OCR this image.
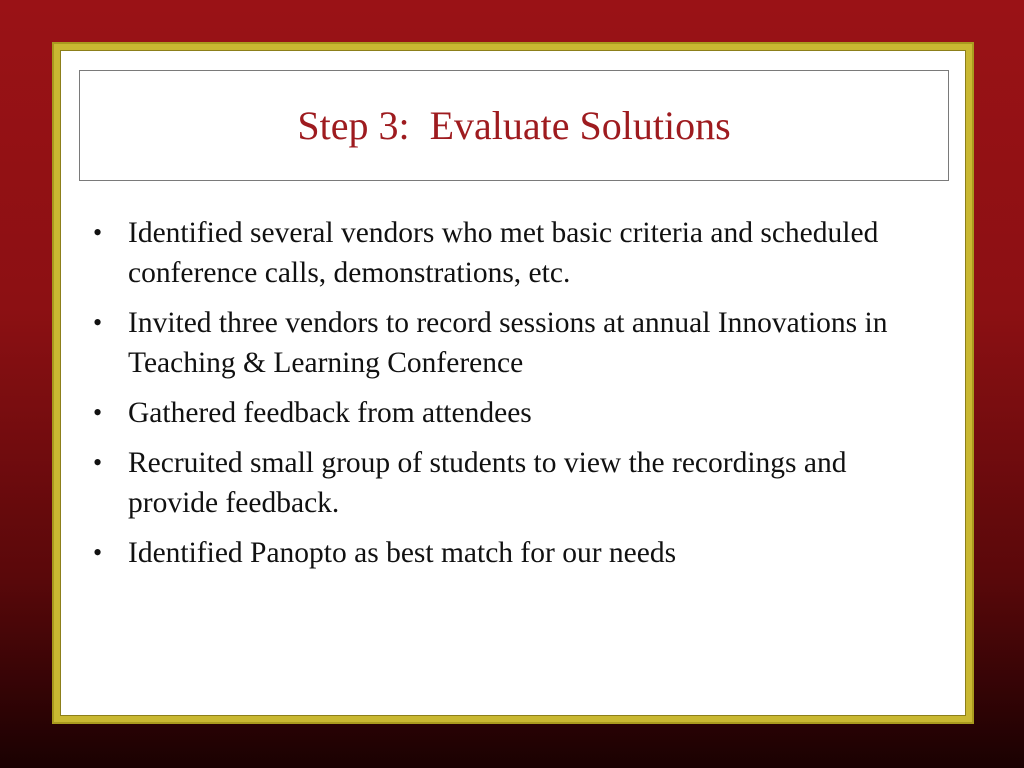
Step 3:  Evaluate Solutions
• Identified several vendors who met basic criteria and scheduled conference calls, demonstrations, etc.
• Invited three vendors to record sessions at annual Innovations in Teaching & Learning Conference
• Gathered feedback from attendees
• Recruited small group of students to view the recordings and provide feedback.
• Identified Panopto as best match for our needs
